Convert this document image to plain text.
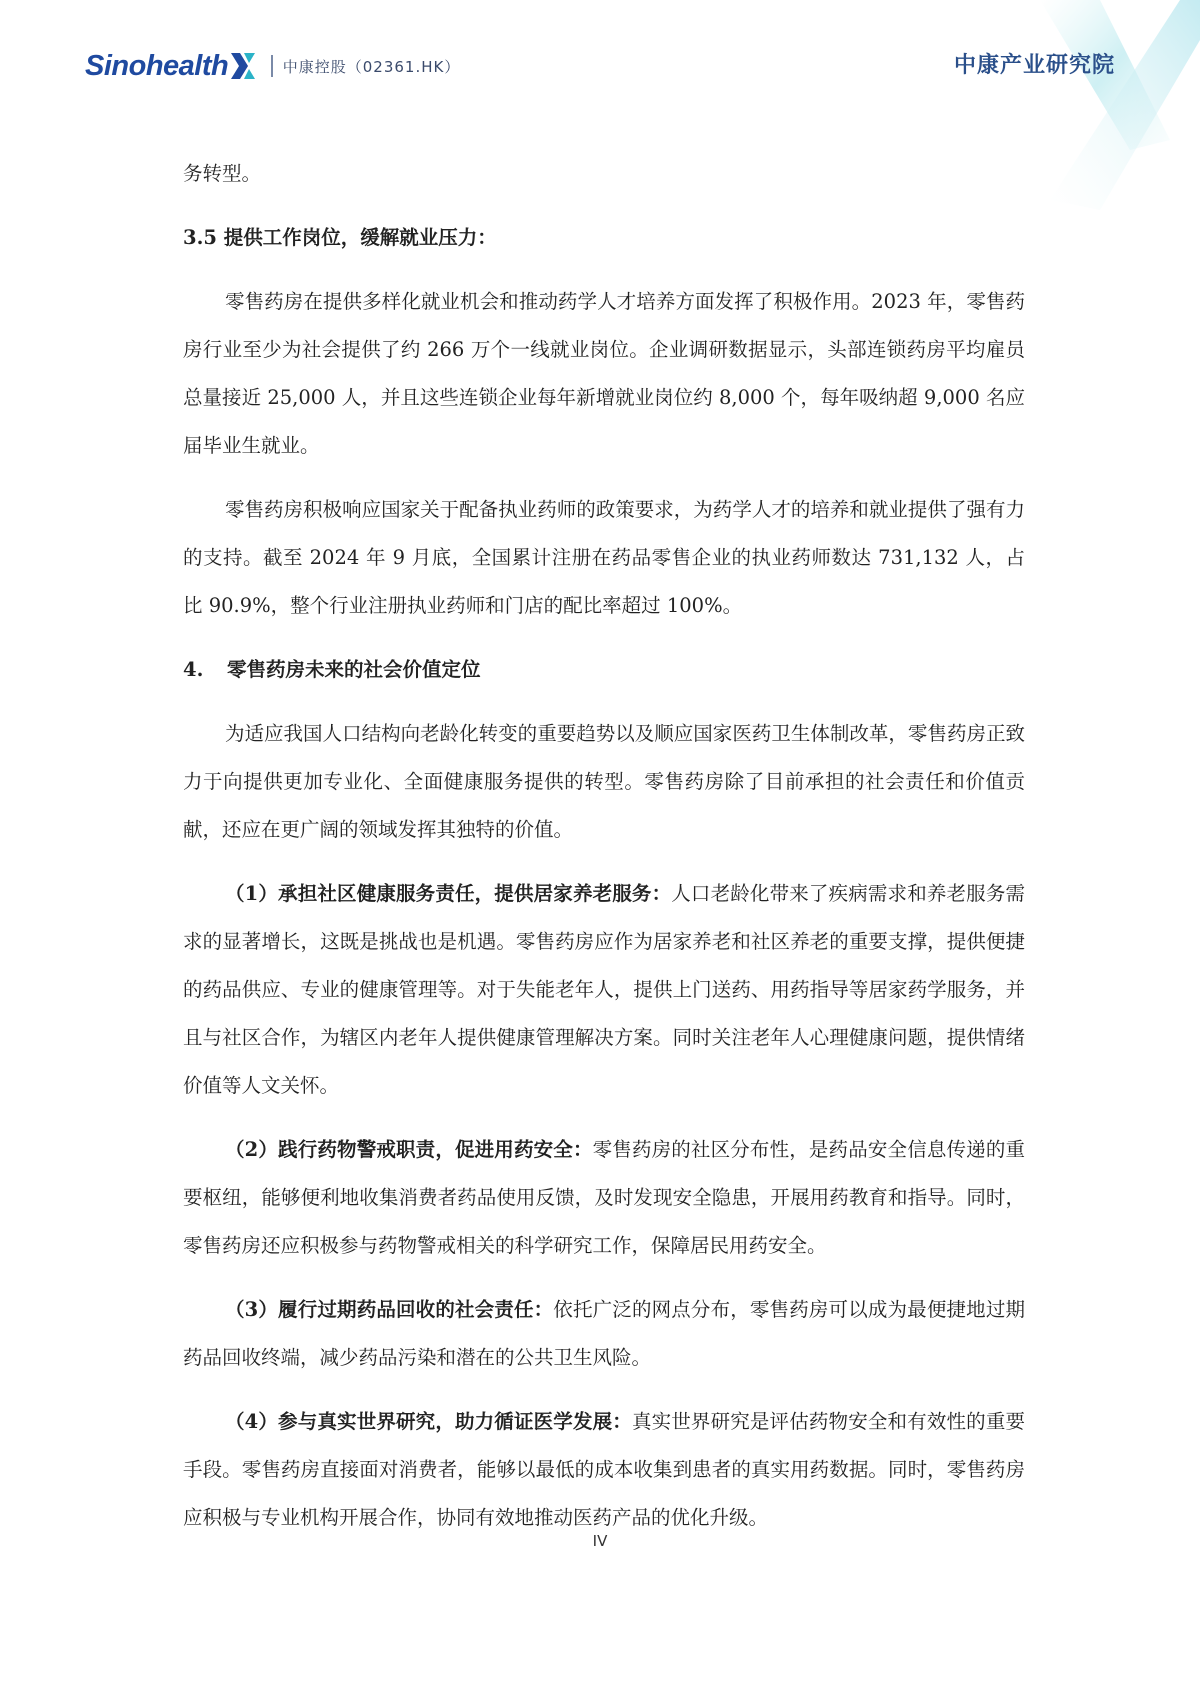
Sinohealth	中康控股（02361.HK）	中康产业研究院

务转型。

3.5 提供工作岗位，缓解就业压力：

零售药房在提供多样化就业机会和推动药学人才培养方面发挥了积极作用。2023 年，零售药房行业至少为社会提供了约 266 万个一线就业岗位。企业调研数据显示，头部连锁药房平均雇员总量接近 25,000 人，并且这些连锁企业每年新增就业岗位约 8,000 个，每年吸纳超 9,000 名应届毕业生就业。

零售药房积极响应国家关于配备执业药师的政策要求，为药学人才的培养和就业提供了强有力的支持。截至 2024 年 9 月底，全国累计注册在药品零售企业的执业药师数达 731,132 人，占比 90.9%，整个行业注册执业药师和门店的配比率超过 100%。

4. 零售药房未来的社会价值定位

为适应我国人口结构向老龄化转变的重要趋势以及顺应国家医药卫生体制改革，零售药房正致力于向提供更加专业化、全面健康服务提供的转型。零售药房除了目前承担的社会责任和价值贡献，还应在更广阔的领域发挥其独特的价值。

（1）承担社区健康服务责任，提供居家养老服务：人口老龄化带来了疾病需求和养老服务需求的显著增长，这既是挑战也是机遇。零售药房应作为居家养老和社区养老的重要支撑，提供便捷的药品供应、专业的健康管理等。对于失能老年人，提供上门送药、用药指导等居家药学服务，并且与社区合作，为辖区内老年人提供健康管理解决方案。同时关注老年人心理健康问题，提供情绪价值等人文关怀。

（2）践行药物警戒职责，促进用药安全：零售药房的社区分布性，是药品安全信息传递的重要枢纽，能够便利地收集消费者药品使用反馈，及时发现安全隐患，开展用药教育和指导。同时，零售药房还应积极参与药物警戒相关的科学研究工作，保障居民用药安全。

（3）履行过期药品回收的社会责任：依托广泛的网点分布，零售药房可以成为最便捷地过期药品回收终端，减少药品污染和潜在的公共卫生风险。

（4）参与真实世界研究，助力循证医学发展：真实世界研究是评估药物安全和有效性的重要手段。零售药房直接面对消费者，能够以最低的成本收集到患者的真实用药数据。同时，零售药房应积极与专业机构开展合作，协同有效地推动医药产品的优化升级。

IV
